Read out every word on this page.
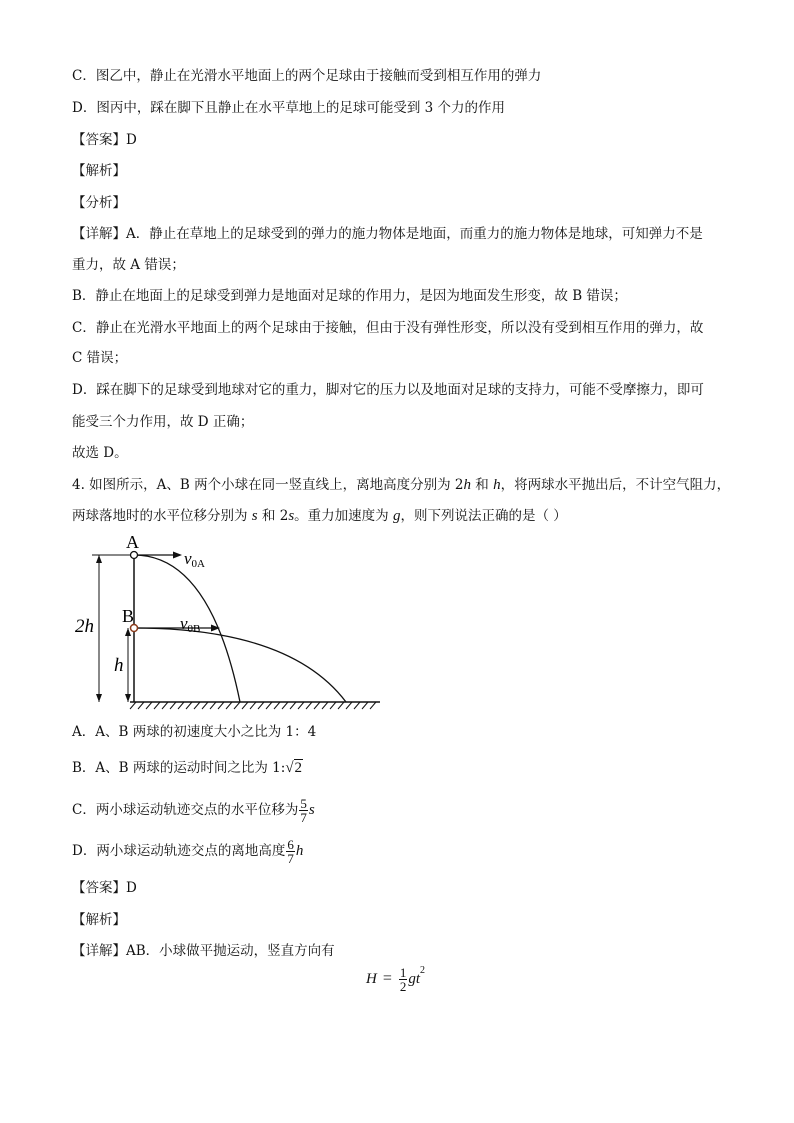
C．图乙中，静止在光滑水平地面上的两个足球由于接触而受到相互作用的弹力
D．图丙中，踩在脚下且静止在水平草地上的足球可能受到 3 个力的作用
【答案】D
【解析】
【分析】
【详解】A．静止在草地上的足球受到的弹力的施力物体是地面，而重力的施力物体是地球，可知弹力不是
重力，故 A 错误；
B．静止在地面上的足球受到弹力是地面对足球的作用力，是因为地面发生形变，故 B 错误；
C．静止在光滑水平地面上的两个足球由于接触，但由于没有弹性形变，所以没有受到相互作用的弹力，故
C 错误；
D．踩在脚下的足球受到地球对它的重力，脚对它的压力以及地面对足球的支持力，可能不受摩擦力，即可
能受三个力作用，故 D 正确；
故选 D。
4. 如图所示，A、B 两个小球在同一竖直线上，离地高度分别为 2h 和 h，将两球水平抛出后，不计空气阻力，
两球落地时的水平位移分别为 s 和 2s。重力加速度为 g，则下列说法正确的是（ ）
A
B
v0A
v0B
2h
h
A．A、B 两球的初速度大小之比为 1：4
B．A、B 两球的运动时间之比为 1:√2
C．两小球运动轨迹交点的水平位移为 $\frac{5}{7}$ s
D．两小球运动轨迹交点的离地高度 $\frac{6}{7}$ h
【答案】D
【解析】
【详解】AB．小球做平抛运动，竖直方向有
$H = \frac{1}{2} gt^2$
